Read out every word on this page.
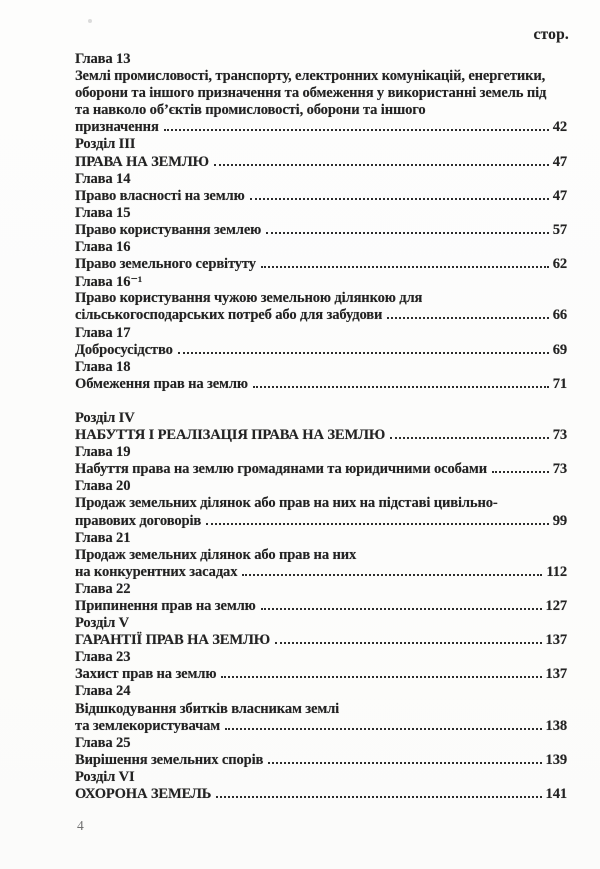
стор.
Глава 13
Землі промисловості, транспорту, електронних комунікацій, енергетики,
оборони та іншого призначення та обмеження у використанні земель під
та навколо об’єктів промисловості, оборони та іншого
призначення	42
Розділ III
ПРАВА НА ЗЕМЛЮ	47
Глава 14
Право власності на землю	47
Глава 15
Право користування землею	57
Глава 16
Право земельного сервітуту	62
Глава 16⁻¹
Право користування чужою земельною ділянкою для
сільськогосподарських потреб або для забудови	66
Глава 17
Добросусідство	69
Глава 18
Обмеження прав на землю	71
Розділ IV
НАБУТТЯ І РЕАЛІЗАЦІЯ ПРАВА НА ЗЕМЛЮ	73
Глава 19
Набуття права на землю громадянами та юридичними особами	73
Глава 20
Продаж земельних ділянок або прав на них на підставі цивільно-
правових договорів	99
Глава 21
Продаж земельних ділянок або прав на них
на конкурентних засадах	112
Глава 22
Припинення прав на землю	127
Розділ V
ГАРАНТІЇ ПРАВ НА ЗЕМЛЮ	137
Глава 23
Захист прав на землю	137
Глава 24
Відшкодування збитків власникам землі
та землекористувачам	138
Глава 25
Вирішення земельних спорів	139
Розділ VI
ОХОРОНА ЗЕМЕЛЬ	141
4
